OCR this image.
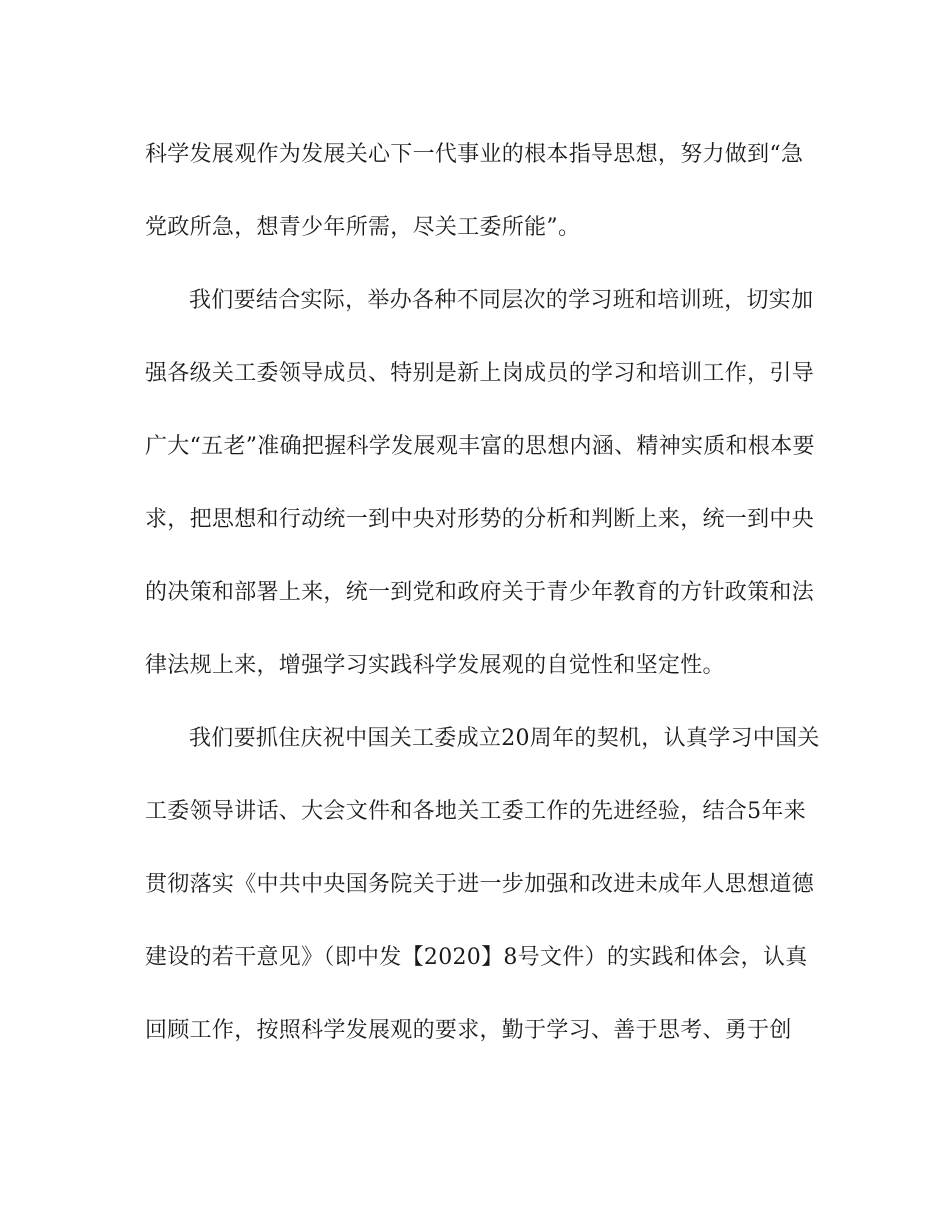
科学发展观作为发展关心下一代事业的根本指导思想，努力做到“急
党政所急，想青少年所需，尽关工委所能”。
我们要结合实际，举办各种不同层次的学习班和培训班，切实加
强各级关工委领导成员、特别是新上岗成员的学习和培训工作，引导
广大“五老”准确把握科学发展观丰富的思想内涵、精神实质和根本要
求，把思想和行动统一到中央对形势的分析和判断上来，统一到中央
的决策和部署上来，统一到党和政府关于青少年教育的方针政策和法
律法规上来，增强学习实践科学发展观的自觉性和坚定性。
我们要抓住庆祝中国关工委成立20周年的契机，认真学习中国关
工委领导讲话、大会文件和各地关工委工作的先进经验，结合5年来
贯彻落实《中共中央国务院关于进一步加强和改进未成年人思想道德
建设的若干意见》（即中发【2020】8号文件）的实践和体会，认真
回顾工作，按照科学发展观的要求，勤于学习、善于思考、勇于创
